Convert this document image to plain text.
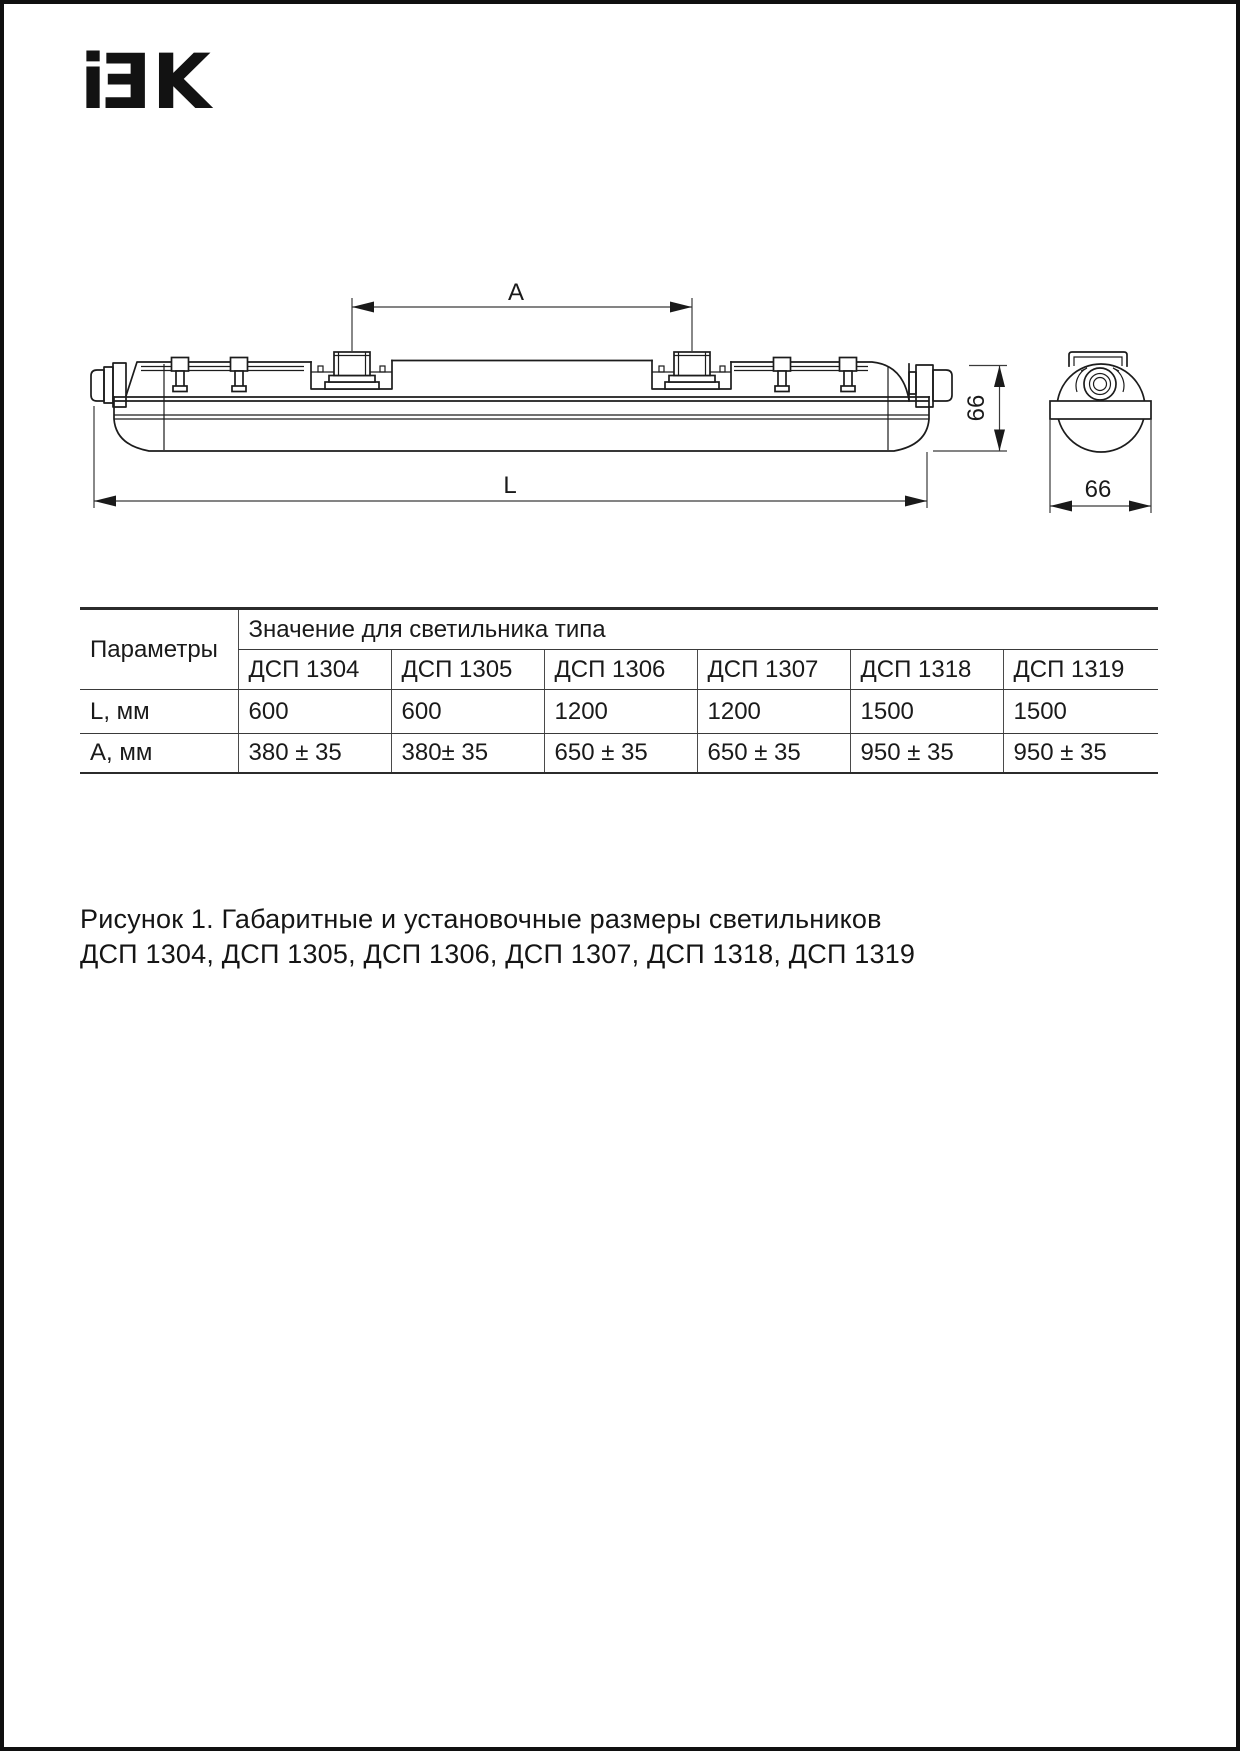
i E K
A
L
66
66
Параметры	Значение для светильника типа					
	ДСП 1304	ДСП 1305	ДСП 1306	ДСП 1307	ДСП 1318	ДСП 1319
L, мм	600	600	1200	1200	1500	1500
A, мм	380 ± 35	380± 35	650 ± 35	650 ± 35	950 ± 35	950 ± 35
Рисунок 1. Габаритные и установочные размеры светильников
ДСП 1304, ДСП 1305, ДСП 1306, ДСП 1307, ДСП 1318, ДСП 1319
